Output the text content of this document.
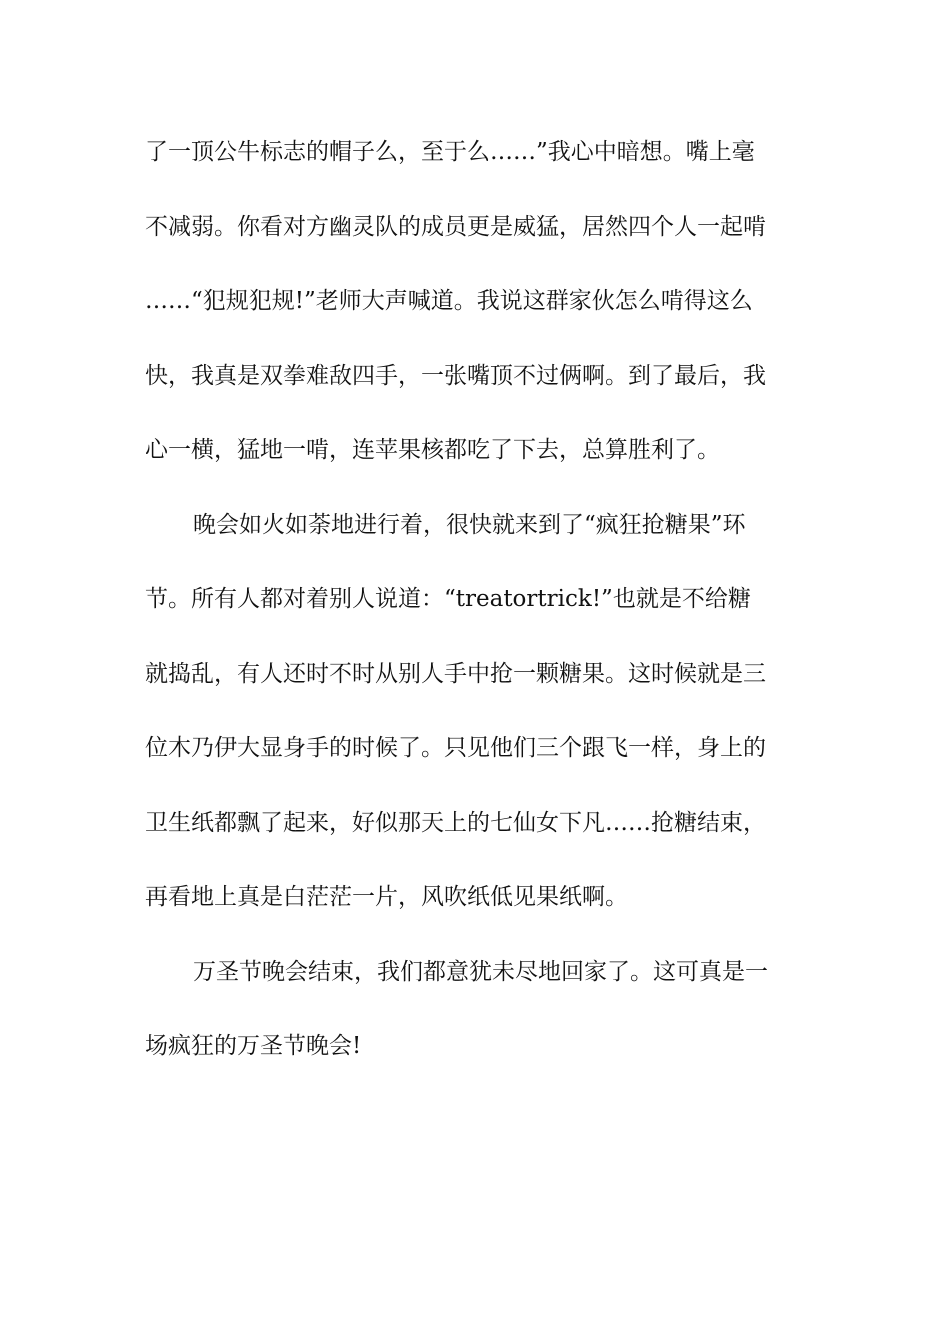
了一顶公牛标志的帽子么，至于么……”我心中暗想。嘴上毫
不减弱。你看对方幽灵队的成员更是威猛，居然四个人一起啃
……“犯规犯规!”老师大声喊道。我说这群家伙怎么啃得这么
快，我真是双拳难敌四手，一张嘴顶不过俩啊。到了最后，我
心一横，猛地一啃，连苹果核都吃了下去，总算胜利了。
晚会如火如荼地进行着，很快就来到了“疯狂抢糖果”环
节。所有人都对着别人说道：“treatortrick!”也就是不给糖
就捣乱，有人还时不时从别人手中抢一颗糖果。这时候就是三
位木乃伊大显身手的时候了。只见他们三个跟飞一样，身上的
卫生纸都飘了起来，好似那天上的七仙女下凡……抢糖结束，
再看地上真是白茫茫一片，风吹纸低见果纸啊。
万圣节晚会结束，我们都意犹未尽地回家了。这可真是一
场疯狂的万圣节晚会!
